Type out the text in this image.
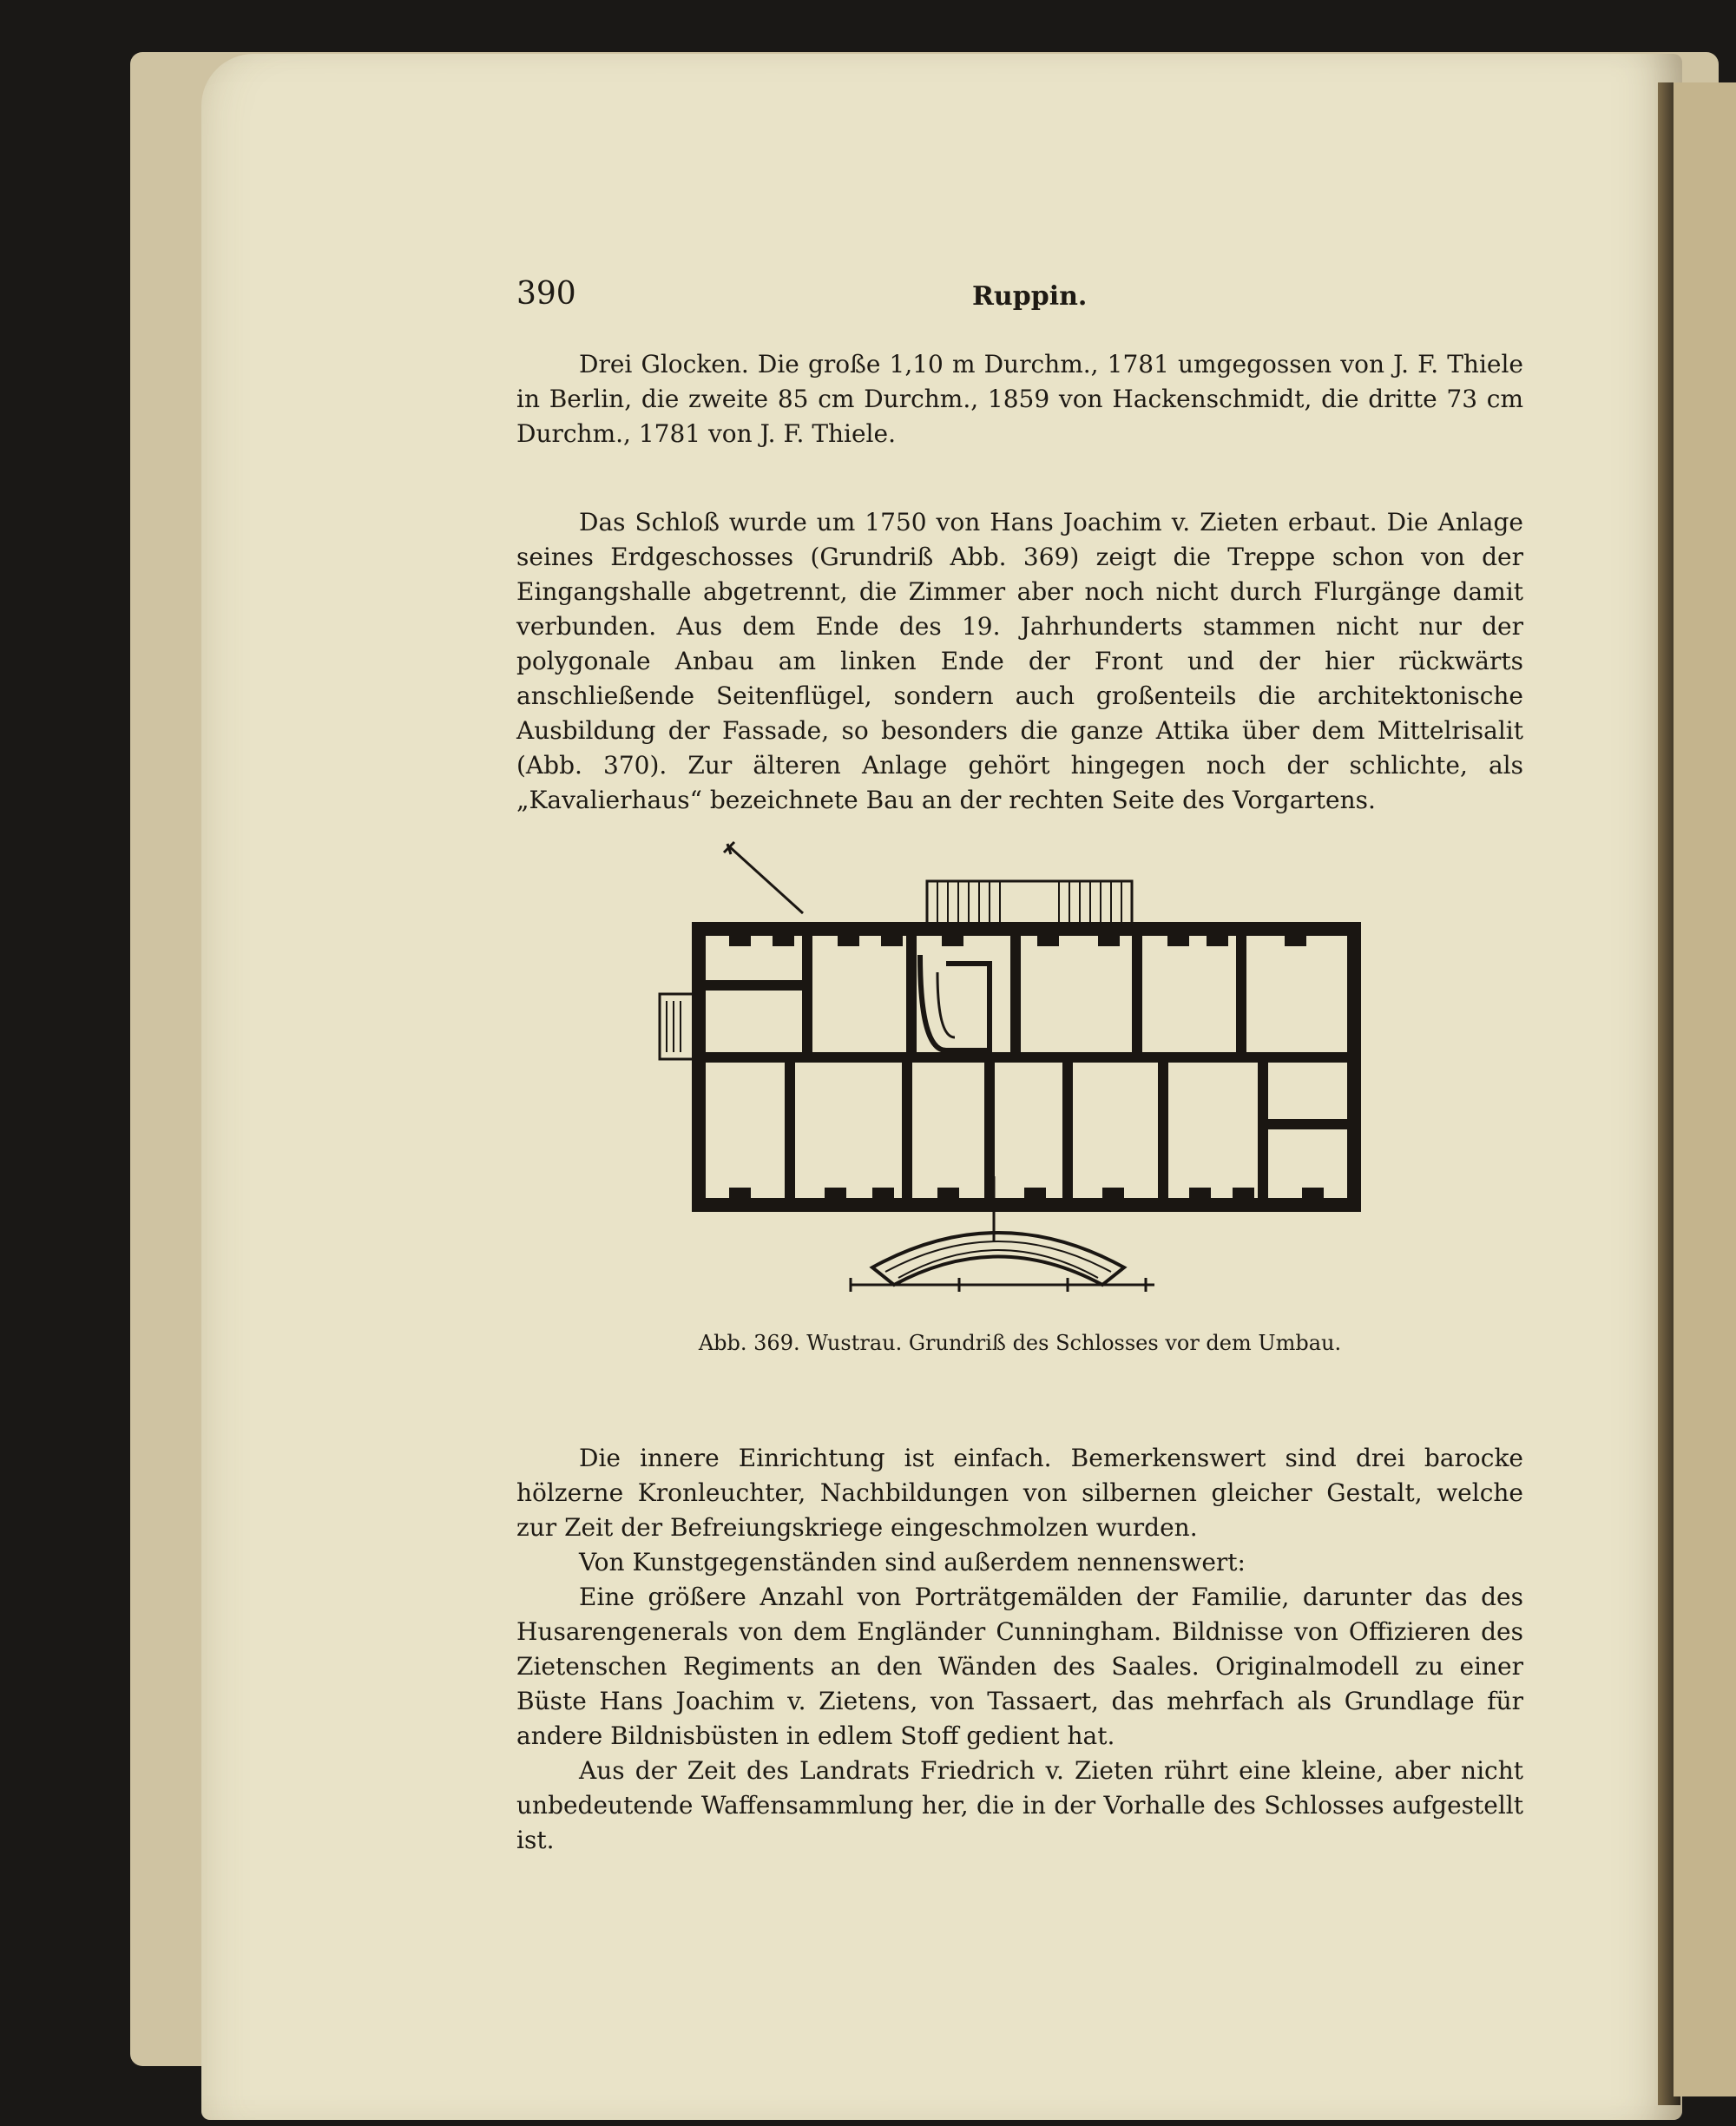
390	Ruppin.

Drei Glocken. Die große 1,10 m Durchm., 1781 umgegossen von J. F. Thiele in Berlin, die zweite 85 cm Durchm., 1859 von Hackenschmidt, die dritte 73 cm Durchm., 1781 von J. F. Thiele.

Das Schloß wurde um 1750 von Hans Joachim v. Zieten erbaut. Die Anlage seines Erdgeschosses (Grundriß Abb. 369) zeigt die Treppe schon von der Eingangshalle abgetrennt, die Zimmer aber noch nicht durch Flurgänge damit verbunden. Aus dem Ende des 19. Jahrhunderts stammen nicht nur der polygonale Anbau am linken Ende der Front und der hier rückwärts anschließende Seitenflügel, sondern auch großenteils die architektonische Ausbildung der Fassade, so besonders die ganze Attika über dem Mittelrisalit (Abb. 370). Zur älteren Anlage gehört hingegen noch der schlichte, als „Kavalierhaus“ bezeichnete Bau an der rechten Seite des Vorgartens.

Abb. 369. Wustrau. Grundriß des Schlosses vor dem Umbau.

Die innere Einrichtung ist einfach. Bemerkenswert sind drei barocke hölzerne Kronleuchter, Nachbildungen von silbernen gleicher Gestalt, welche zur Zeit der Befreiungskriege eingeschmolzen wurden.

Von Kunstgegenständen sind außerdem nennenswert:

Eine größere Anzahl von Porträtgemälden der Familie, darunter das des Husarengenerals von dem Engländer Cunningham. Bildnisse von Offizieren des Zietenschen Regiments an den Wänden des Saales. Originalmodell zu einer Büste Hans Joachim v. Zietens, von Tassaert, das mehrfach als Grundlage für andere Bildnisbüsten in edlem Stoff gedient hat.

Aus der Zeit des Landrats Friedrich v. Zieten rührt eine kleine, aber nicht unbedeutende Waffensammlung her, die in der Vorhalle des Schlosses aufgestellt ist.
